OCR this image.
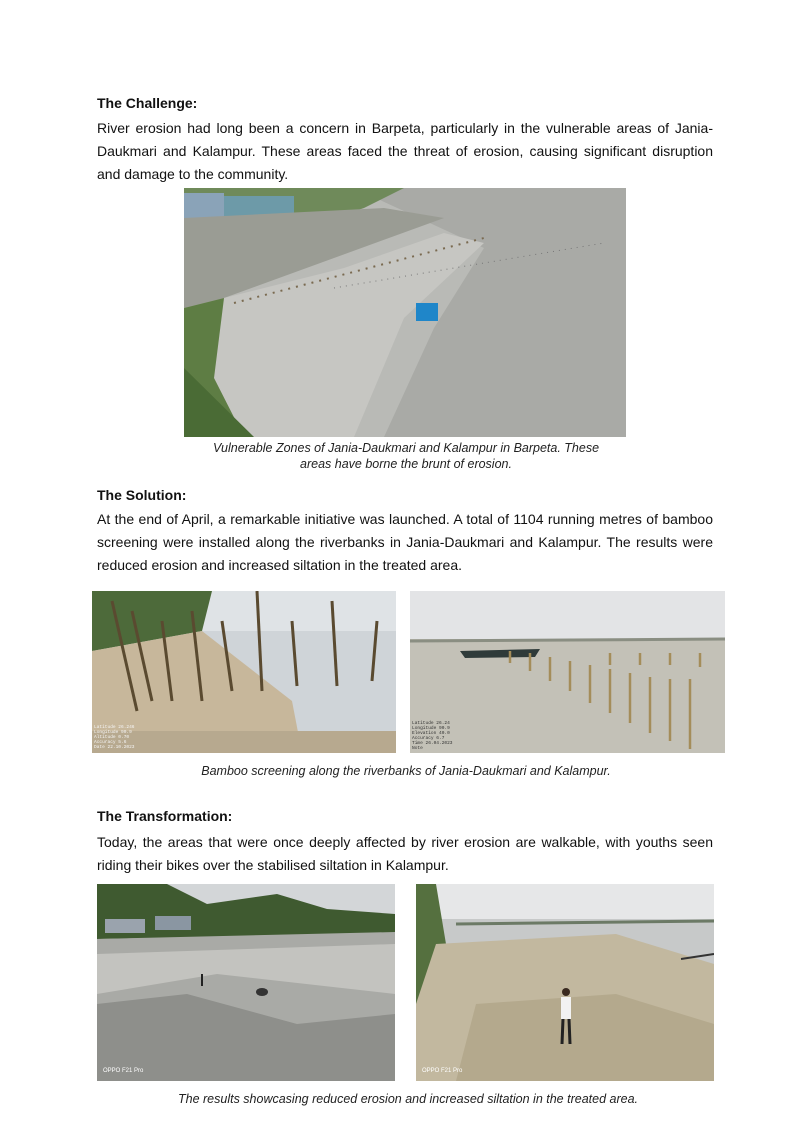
The Challenge:
River erosion had long been a concern in Barpeta, particularly in the vulnerable areas of Jania-Daukmari and Kalampur. These areas faced the threat of erosion, causing significant disruption and damage to the community.
Vulnerable Zones of Jania-Daukmari and Kalampur in Barpeta. These
areas have borne the brunt of erosion.
The Solution:
At the end of April, a remarkable initiative was launched. A total of 1104 running metres of bamboo screening were installed along the riverbanks in Jania-Daukmari and Kalampur. The results were reduced erosion and increased siltation in the treated area.
Latitude 26.246
Longitude 90.9
Altitude 0.70
Accuracy 5.6
Date 22.10.2023
Latitude 26.24
Longitude 90.9
Elevation 40.0
Accuracy 6.7
Time 26.04.2023
Note
Bamboo screening along the riverbanks of Jania-Daukmari and Kalampur.
The Transformation:
Today, the areas that were once deeply affected by river erosion are walkable, with youths seen riding their bikes over the stabilised siltation in Kalampur.
OPPO F21 Pro	OPPO F21 Pro
The results showcasing reduced erosion and increased siltation in the treated area.
